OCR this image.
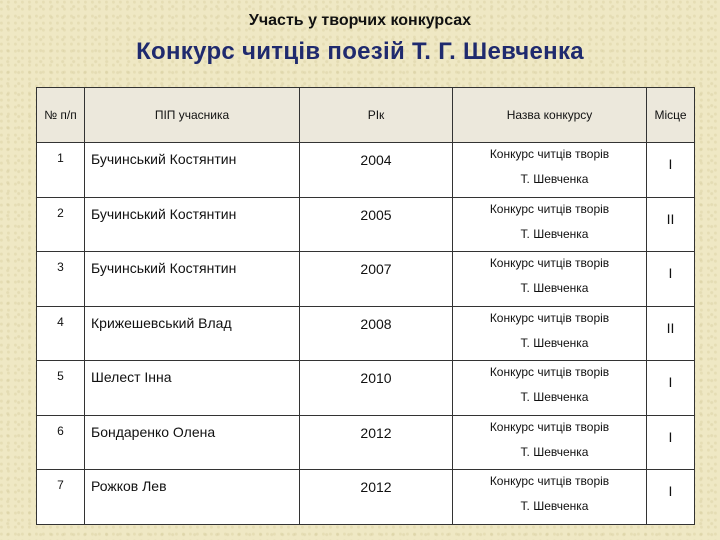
Участь у творчих конкурсах
Конкурс читців поезій Т. Г. Шевченка
№ п/п	ПІП учасника	РІк	Назва конкурсу	Місце
1	Бучинський Костянтин	2004	Конкурс читців творів
Т. Шевченка	I
2	Бучинський Костянтин	2005	Конкурс читців творів
Т. Шевченка	II
3	Бучинський Костянтин	2007	Конкурс читців творів
Т. Шевченка	I
4	Крижешевський Влад	2008	Конкурс читців творів
Т. Шевченка	II
5	Шелест Інна	2010	Конкурс читців творів
Т. Шевченка	I
6	Бондаренко Олена	2012	Конкурс читців творів
Т. Шевченка	I
7	Рожков Лев	2012	Конкурс читців творів
Т. Шевченка	I
